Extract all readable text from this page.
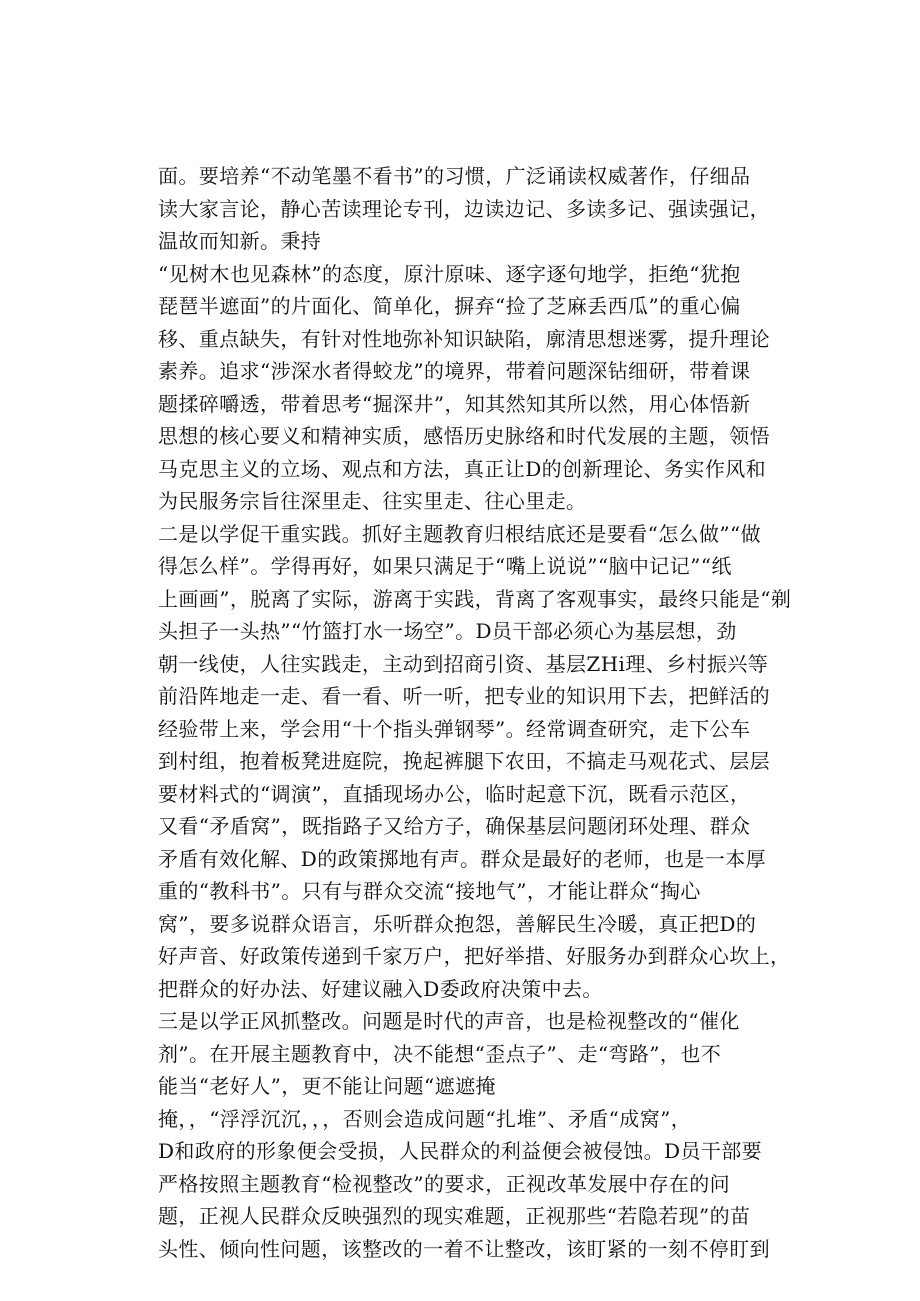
面。要培养“不动笔墨不看书”的习惯，广泛诵读权威著作，仔细品
读大家言论，静心苦读理论专刊，边读边记、多读多记、强读强记，
温故而知新。秉持
“见树木也见森林”的态度，原汁原味、逐字逐句地学，拒绝“犹抱
琵琶半遮面”的片面化、简单化，摒弃“捡了芝麻丢西瓜”的重心偏
移、重点缺失，有针对性地弥补知识缺陷，廓清思想迷雾，提升理论
素养。追求“涉深水者得蛟龙”的境界，带着问题深钻细研，带着课
题揉碎嚼透，带着思考“掘深井”，知其然知其所以然，用心体悟新
思想的核心要义和精神实质，感悟历史脉络和时代发展的主题，领悟
马克思主义的立场、观点和方法，真正让D的创新理论、务实作风和
为民服务宗旨往深里走、往实里走、往心里走。
二是以学促干重实践。抓好主题教育归根结底还是要看“怎么做”“做
得怎么样”。学得再好，如果只满足于“嘴上说说”“脑中记记”“纸
上画画”，脱离了实际，游离于实践，背离了客观事实，最终只能是“剃
头担子一头热”“竹篮打水一场空”。D员干部必须心为基层想，劲
朝一线使，人往实践走，主动到招商引资、基层ZHi理、乡村振兴等
前沿阵地走一走、看一看、听一听，把专业的知识用下去，把鲜活的
经验带上来，学会用“十个指头弹钢琴”。经常调查研究，走下公车
到村组，抱着板凳进庭院，挽起裤腿下农田，不搞走马观花式、层层
要材料式的“调演”，直插现场办公，临时起意下沉，既看示范区，
又看“矛盾窝”，既指路子又给方子，确保基层问题闭环处理、群众
矛盾有效化解、D的政策掷地有声。群众是最好的老师，也是一本厚
重的“教科书”。只有与群众交流“接地气”，才能让群众“掏心
窝”，要多说群众语言，乐听群众抱怨，善解民生冷暖，真正把D的
好声音、好政策传递到千家万户，把好举措、好服务办到群众心坎上，
把群众的好办法、好建议融入D委政府决策中去。
三是以学正风抓整改。问题是时代的声音，也是检视整改的“催化
剂”。在开展主题教育中，决不能想“歪点子”、走“弯路”，也不
能当“老好人”，更不能让问题“遮遮掩
掩，，“浮浮沉沉，，，否则会造成问题“扎堆”、矛盾“成窝”，
D和政府的形象便会受损，人民群众的利益便会被侵蚀。D员干部要
严格按照主题教育“检视整改”的要求，正视改革发展中存在的问
题，正视人民群众反映强烈的现实难题，正视那些“若隐若现”的苗
头性、倾向性问题，该整改的一着不让整改，该盯紧的一刻不停盯到
